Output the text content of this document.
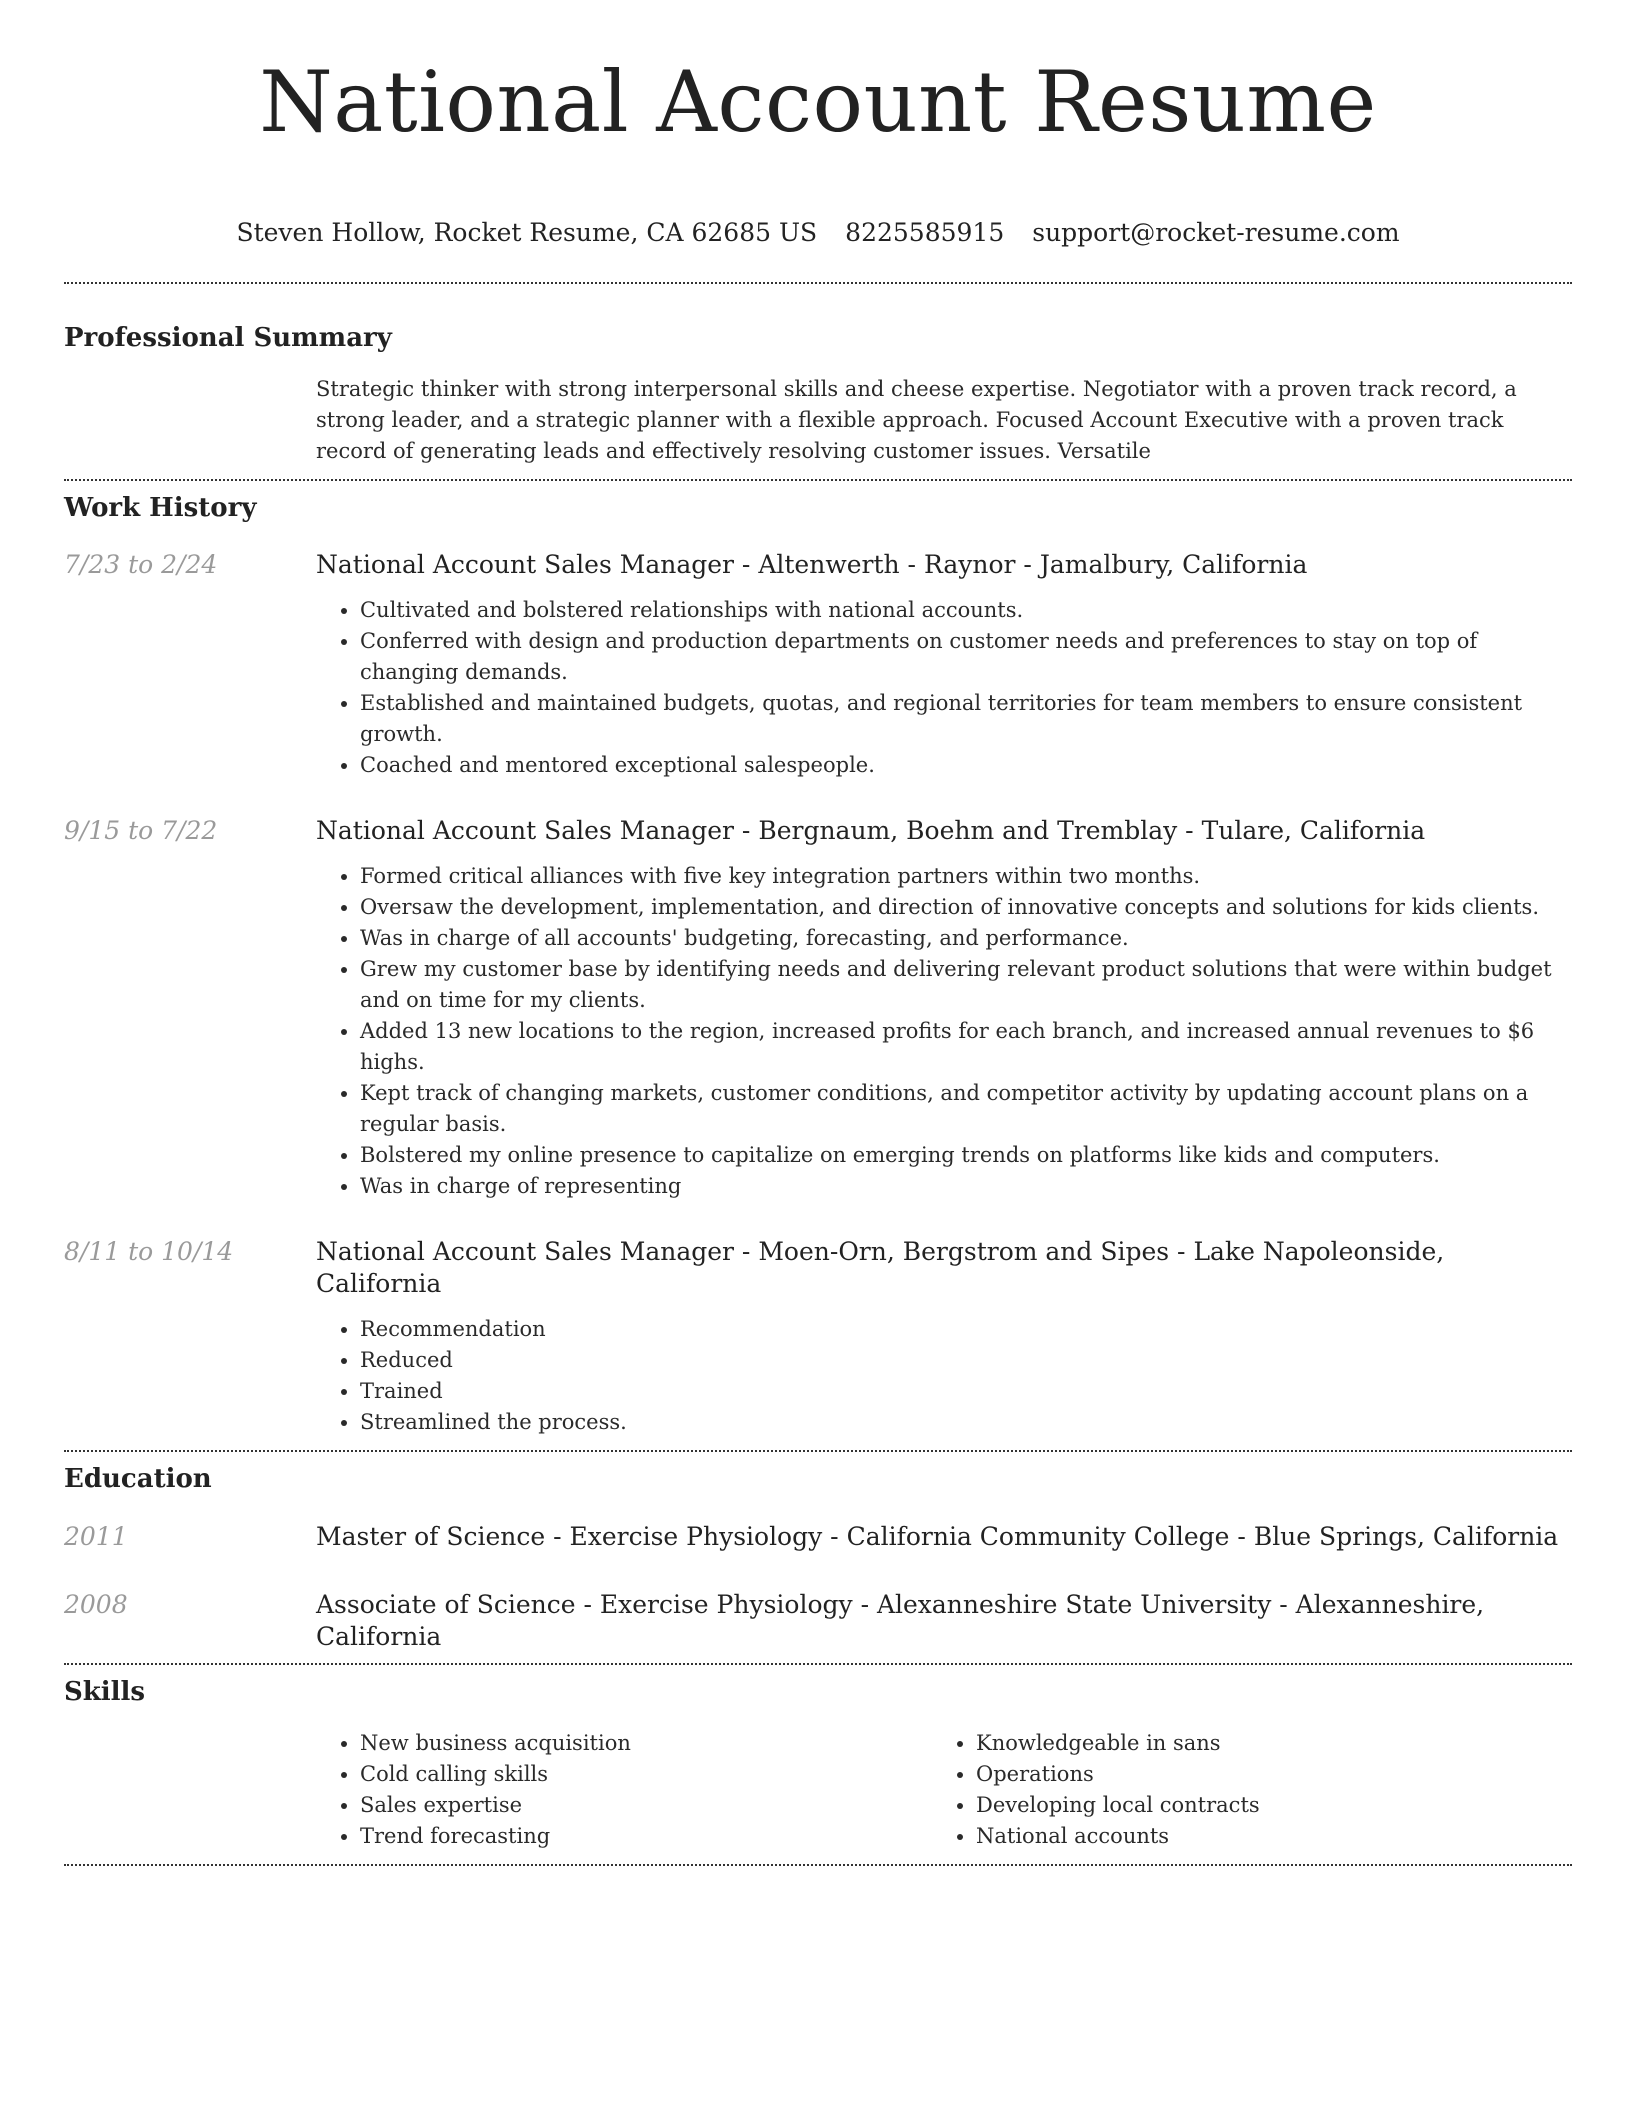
National Account Resume
Steven Hollow, Rocket Resume, CA 62685 US 8225585915 support@rocket-resume.com
Professional Summary
Strategic thinker with strong interpersonal skills and cheese expertise. Negotiator with a proven track record, a strong leader, and a strategic planner with a flexible approach. Focused Account Executive with a proven track record of generating leads and effectively resolving customer issues. Versatile
Work History
7/23 to 2/24	National Account Sales Manager - Altenwerth - Raynor - Jamalbury, California
• Cultivated and bolstered relationships with national accounts.
• Conferred with design and production departments on customer needs and preferences to stay on top of changing demands.
• Established and maintained budgets, quotas, and regional territories for team members to ensure consistent growth.
• Coached and mentored exceptional salespeople.
9/15 to 7/22	National Account Sales Manager - Bergnaum, Boehm and Tremblay - Tulare, California
• Formed critical alliances with five key integration partners within two months.
• Oversaw the development, implementation, and direction of innovative concepts and solutions for kids clients.
• Was in charge of all accounts' budgeting, forecasting, and performance.
• Grew my customer base by identifying needs and delivering relevant product solutions that were within budget and on time for my clients.
• Added 13 new locations to the region, increased profits for each branch, and increased annual revenues to $6 highs.
• Kept track of changing markets, customer conditions, and competitor activity by updating account plans on a regular basis.
• Bolstered my online presence to capitalize on emerging trends on platforms like kids and computers.
• Was in charge of representing
8/11 to 10/14	National Account Sales Manager - Moen-Orn, Bergstrom and Sipes - Lake Napoleonside, California
• Recommendation
• Reduced
• Trained
• Streamlined the process.
Education
2011	Master of Science - Exercise Physiology - California Community College - Blue Springs, California
2008	Associate of Science - Exercise Physiology - Alexanneshire State University - Alexanneshire, California
Skills
• New business acquisition
• Cold calling skills
• Sales expertise
• Trend forecasting
• Knowledgeable in sans
• Operations
• Developing local contracts
• National accounts
